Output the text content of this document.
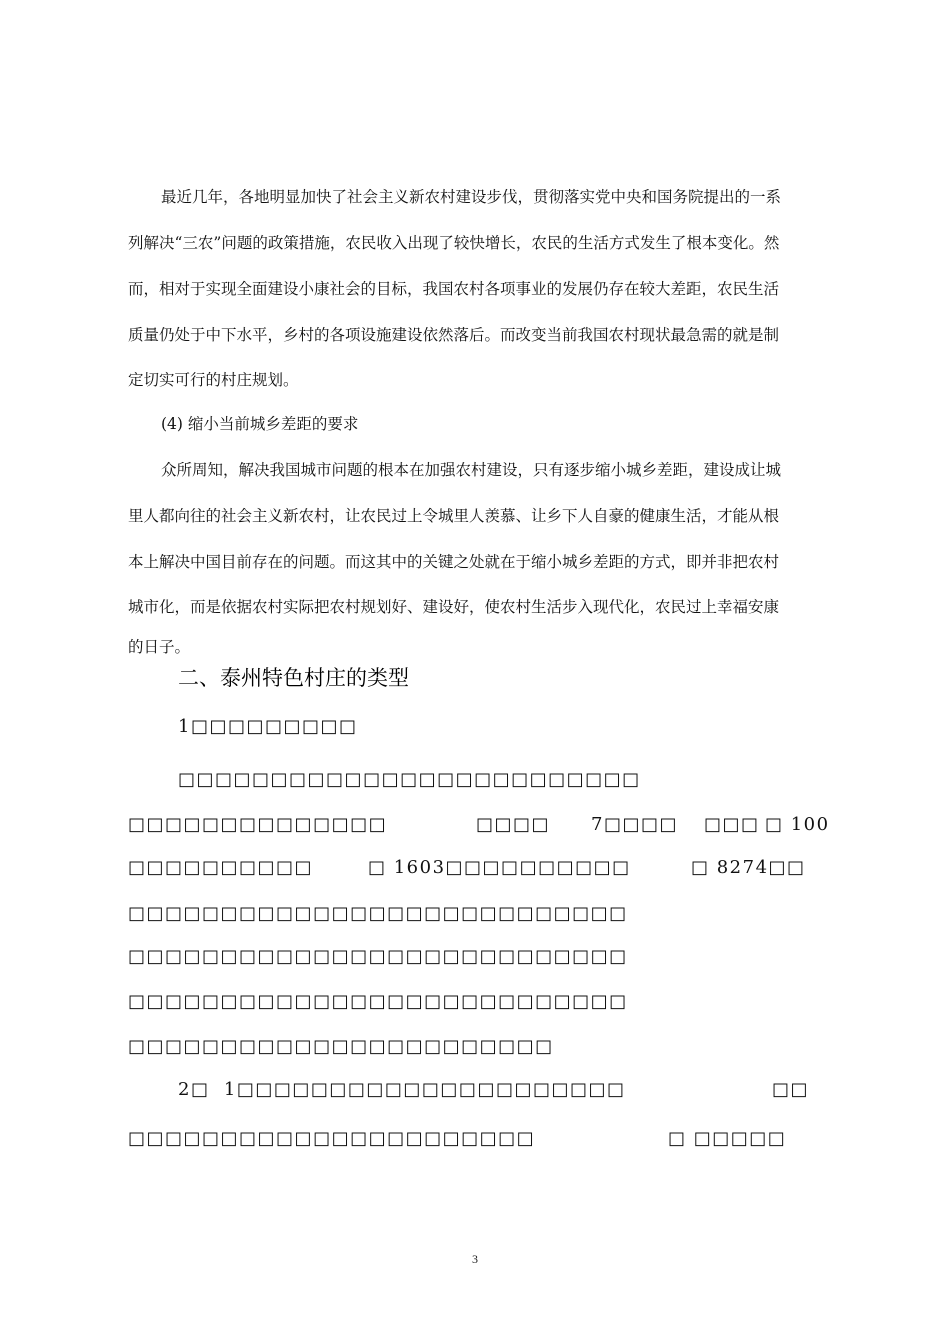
最近几年，各地明显加快了社会主义新农村建设步伐，贯彻落实党中央和国务院提出的一系
列解决“三农”问题的政策措施，农民收入出现了较快增长，农民的生活方式发生了根本变化。然
而，相对于实现全面建设小康社会的目标，我国农村各项事业的发展仍存在较大差距，农民生活
质量仍处于中下水平，乡村的各项设施建设依然落后。而改变当前我国农村现状最急需的就是制
定切实可行的村庄规划。
(4) 缩小当前城乡差距的要求
众所周知，解决我国城市问题的根本在加强农村建设，只有逐步缩小城乡差距，建设成让城
里人都向往的社会主义新农村，让农民过上令城里人羡慕、让乡下人自豪的健康生活，才能从根
本上解决中国目前存在的问题。而这其中的关键之处就在于缩小城乡差距的方式，即并非把农村
城市化，而是依据农村实际把农村规划好、建设好，使农村生活步入现代化，农民过上幸福安康
的日子。
二、泰州特色村庄的类型
1□□□□□□□□□
□□□□□□□□□□□□□□□□□□□□□□□□□
□□□□□□□□□□□□□□	□□□□ 7□□□□ □□□ □ 100
□□□□□□□□□□	□ 1603□□□□□□□□□□	□ 8274□□
□□□□□□□□□□□□□□□□□□□□□□□□□□□
□□□□□□□□□□□□□□□□□□□□□□□□□□□
□□□□□□□□□□□□□□□□□□□□□□□□□□□
□□□□□□□□□□□□□□□□□□□□□□□
2□  1□□□□□□□□□□□□□□□□□□□□□	□□
□□□□□□□□□□□□□□□□□□□□□□	□ □□□□□
3
